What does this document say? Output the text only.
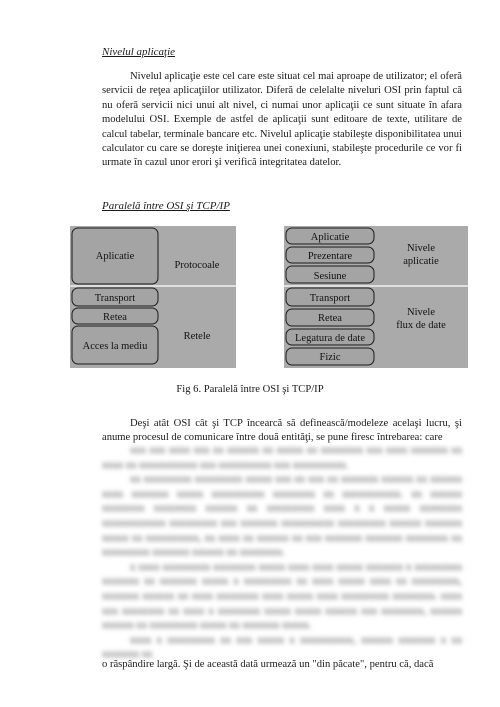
Nivelul aplicaţie

Nivelul aplicaţie este cel care este situat cel mai aproape de utilizator; el oferă servicii de reţea aplicaţiilor utilizator. Diferă de celelalte niveluri OSI prin faptul că nu oferă servicii nici unui alt nivel, ci numai unor aplicaţii ce sunt situate în afara modelului OSI. Exemple de astfel de aplicaţii sunt editoare de texte, utilitare de calcul tabelar, terminale bancare etc. Nivelul aplicaţie stabileşte disponibilitatea unui calculator cu care se doreşte iniţierea unei conexiuni, stabileşte procedurile ce vor fi urmate în cazul unor erori şi verifică integritatea datelor.

Paralelă între OSI şi TCP/IP
Aplicatie
Transport
Retea
Acces la mediu
Protocoale
Retele
Aplicatie
Prezentare
Sesiune
Transport
Retea
Legatura de date
Fizic
Nivele
aplicatie
Nivele
flux de date
Fig 6. Paralelă între OSI şi TCP/IP

Deşi atât OSI cât şi TCP încearcă să definească/modeleze acelaşi lucru, şi anume procesul de comunicare între două entităţi, se pune firesc întrebarea: care

xxx xxx xxxx xxx xx xxxxxx xx xxxxx xx xxxxxxxx xxx xxxx xxxxxxx xx xxxx xx xxxxxxxxxxx xxx xxxxxxxxxx xxx xxxxxxxxxx.

xx xxxxxxxxx xxxxxxxxx xxxxx xxx xx xxx xx xxxxxxx xxxxxx xx xxxxxx xxxx xxxxxxx xxxxx xxxxxxxxxx xxxxxxxx xx xxxxxxxxxxx. xx xxxxxx xxxxxxxx xxxxxxxx xxxxxx xx xxxxxxxxx xxxx x x xxxxx xxxxxxxx xxxxxxxxxxxx xxxxxxxxx xxx xxxxxxx xxxxxxxxxx xxxxxxxxx xxxxxx xxxxxxx xxxxx xx xxxxxxxxxx, xx xxxx xx xxxxxx xx xxx xxxxxxx xxxxxxx xxxxxxxx xx xxxxxxxxx xxxxxxx xxxxxx xx xxxxxxxx.

x xxxx xxxxxxxxx xxxxxxxx xxxxx xxxx xxxx xxxxx xxxxxxx x xxxxxxxxx xxxxxxx xx xxxxxxx xxxxx x xxxxxxxxx xx xxxx xxxxx xxxx xx xxxxxxxxx, xxxxxxx xxxxxx xx xxxx xxxxxxxx xxxx xxxxx xxxx xxxxxxxxx xxxxxxxx. xxxx xxx xxxxxxxx xx xxxx x xxxxxxxx xxxxx xxxxx xxxxxx xxx xxxxxxxx, xxxxxx xxxxxx xx xxxxxxxxx xxxxx xx xxxxxxx xxxxx.

xxxx x xxxxxxxxx xx xxx xxxxx x xxxxxxxxxx, xxxxxx xxxxxxx x xx xxxxxxx xx

o răspândire largă. Şi de această dată urmează un "din păcate", pentru că, dacă
